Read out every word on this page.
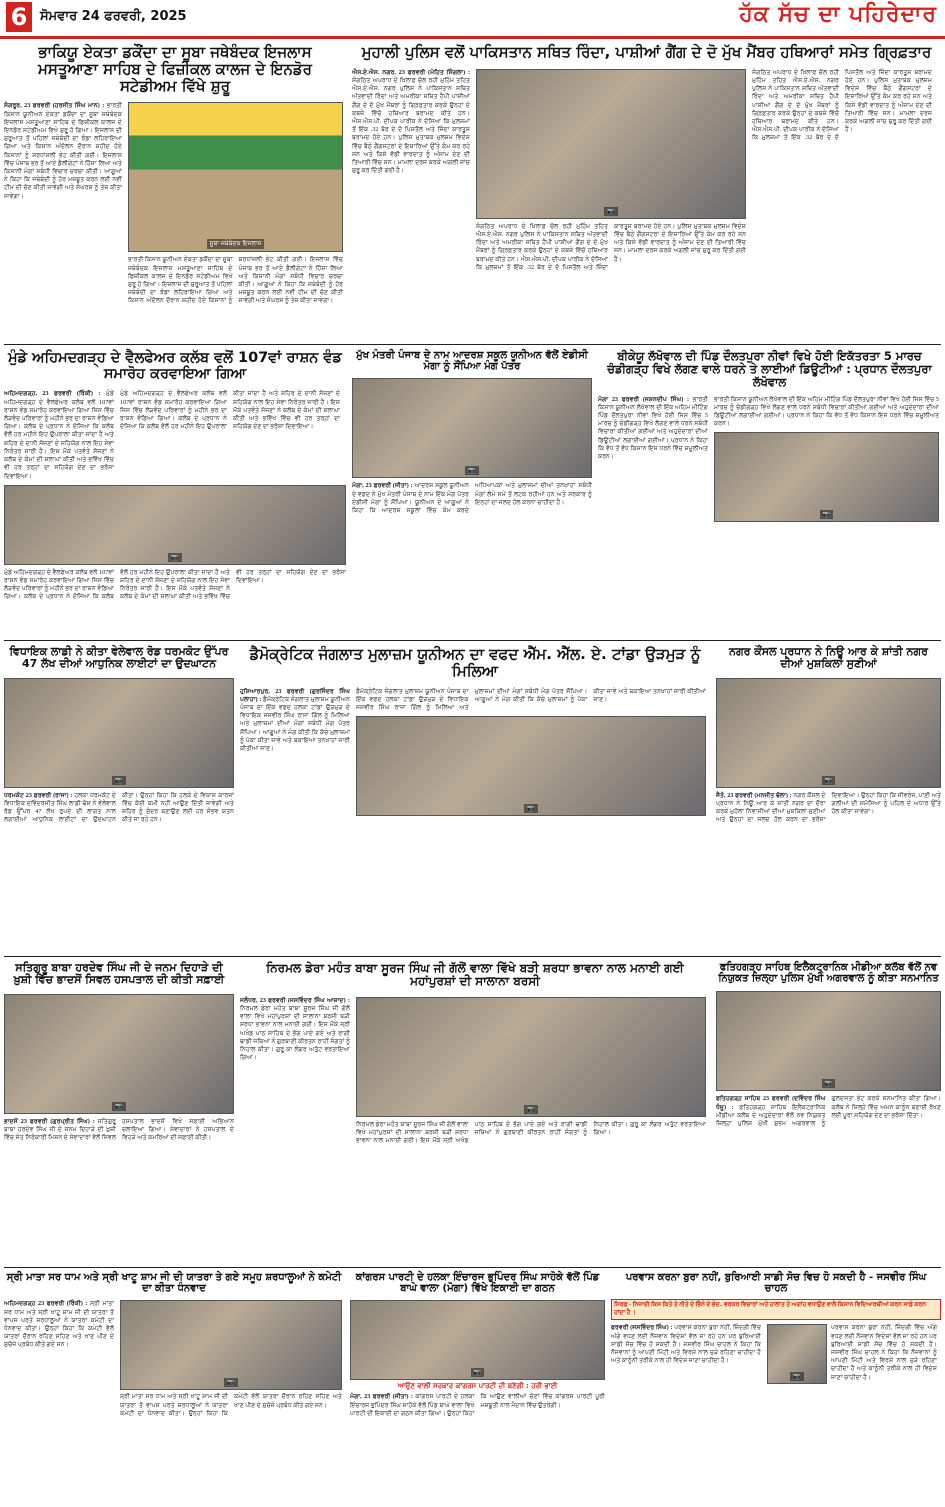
6 ਸੋਮਵਾਰ 24 ਫਰਵਰੀ, 2025	ਹੱਕ ਸੱਚ ਦਾ ਪਹਿਰੇਦਾਰ
ਭਾਕਿਯੂ ਏਕਤਾ ਡਕੌਂਦਾ ਦਾ ਸੂਬਾ ਜਥੇਬੰਦਕ ਇਜਲਾਸ ਮਸਤੂਆਣਾ ਸਾਹਿਬ ਦੇ ਫਿਜ਼ੀਕਲ ਕਾਲਜ ਦੇ ਇਨਡੋਰ ਸਟੇਡੀਅਮ ਵਿੱਖੇ ਸ਼ੁਰੂ
ਸੰਗਰੂਰ, 23 ਫਰਵਰੀ (ਹਰਜੀਤ ਸਿੰਘ ਮਾਨ) : ਭਾਰਤੀ ਕਿਸਾਨ ਯੂਨੀਅਨ ਏਕਤਾ ਡਕੌਂਦਾ ਦਾ ਸੂਬਾ ਜਥੇਬੰਦਕ ਇਜਲਾਸ ਮਸਤੂਆਣਾ ਸਾਹਿਬ ਦੇ ਫਿਜ਼ੀਕਲ ਕਾਲਜ ਦੇ ਇਨਡੋਰ ਸਟੇਡੀਅਮ ਵਿਖੇ ਸ਼ੁਰੂ ਹੋ ਗਿਆ। ਇਜਲਾਸ ਦੀ ਸ਼ੁਰੂਆਤ ਤੋਂ ਪਹਿਲਾਂ ਜਥੇਬੰਦੀ ਦਾ ਝੰਡਾ ਲਹਿਰਾਇਆ ਗਿਆ ਅਤੇ ਕਿਸਾਨ ਅੰਦੋਲਨ ਦੌਰਾਨ ਸ਼ਹੀਦ ਹੋਏ ਕਿਸਾਨਾਂ ਨੂੰ ਸ਼ਰਧਾਂਜਲੀ ਭੇਟ ਕੀਤੀ ਗਈ। ਇਜਲਾਸ ਵਿੱਚ ਪੰਜਾਬ ਭਰ ਤੋਂ ਆਏ ਡੈਲੀਗੇਟਾਂ ਨੇ ਹਿੱਸਾ ਲਿਆ ਅਤੇ ਕਿਸਾਨੀ ਮੰਗਾਂ ਸਬੰਧੀ ਵਿਚਾਰ ਚਰਚਾ ਕੀਤੀ। ਆਗੂਆਂ ਨੇ ਕਿਹਾ ਕਿ ਜਥੇਬੰਦੀ ਨੂੰ ਹੋਰ ਮਜ਼ਬੂਤ ਕਰਨ ਲਈ ਨਵੀਂ ਟੀਮ ਦੀ ਚੋਣ ਕੀਤੀ ਜਾਵੇਗੀ ਅਤੇ ਸੰਘਰਸ਼ ਨੂੰ ਤੇਜ਼ ਕੀਤਾ ਜਾਵੇਗਾ।
ਸੂਬਾ ਜਥੇਬੰਦਕ ਇਜਲਾਸ
ਭਾਰਤੀ ਕਿਸਾਨ ਯੂਨੀਅਨ ਏਕਤਾ ਡਕੌਂਦਾ ਦਾ ਸੂਬਾ ਜਥੇਬੰਦਕ ਇਜਲਾਸ ਮਸਤੂਆਣਾ ਸਾਹਿਬ ਦੇ ਫਿਜ਼ੀਕਲ ਕਾਲਜ ਦੇ ਇਨਡੋਰ ਸਟੇਡੀਅਮ ਵਿਖੇ ਸ਼ੁਰੂ ਹੋ ਗਿਆ। ਇਜਲਾਸ ਦੀ ਸ਼ੁਰੂਆਤ ਤੋਂ ਪਹਿਲਾਂ ਜਥੇਬੰਦੀ ਦਾ ਝੰਡਾ ਲਹਿਰਾਇਆ ਗਿਆ ਅਤੇ ਕਿਸਾਨ ਅੰਦੋਲਨ ਦੌਰਾਨ ਸ਼ਹੀਦ ਹੋਏ ਕਿਸਾਨਾਂ ਨੂੰ ਸ਼ਰਧਾਂਜਲੀ ਭੇਟ ਕੀਤੀ ਗਈ। ਇਜਲਾਸ ਵਿੱਚ ਪੰਜਾਬ ਭਰ ਤੋਂ ਆਏ ਡੈਲੀਗੇਟਾਂ ਨੇ ਹਿੱਸਾ ਲਿਆ ਅਤੇ ਕਿਸਾਨੀ ਮੰਗਾਂ ਸਬੰਧੀ ਵਿਚਾਰ ਚਰਚਾ ਕੀਤੀ। ਆਗੂਆਂ ਨੇ ਕਿਹਾ ਕਿ ਜਥੇਬੰਦੀ ਨੂੰ ਹੋਰ ਮਜ਼ਬੂਤ ਕਰਨ ਲਈ ਨਵੀਂ ਟੀਮ ਦੀ ਚੋਣ ਕੀਤੀ ਜਾਵੇਗੀ ਅਤੇ ਸੰਘਰਸ਼ ਨੂੰ ਤੇਜ਼ ਕੀਤਾ ਜਾਵੇਗਾ।
ਮੁਹਾਲੀ ਪੁਲਿਸ ਵਲੋਂ ਪਾਕਿਸਤਾਨ ਸਥਿਤ ਰਿੰਦਾ, ਪਾਸ਼ੀਆਂ ਗੈਂਗ ਦੇ ਦੋ ਮੁੱਖ ਮੈਂਬਰ ਹਥਿਆਰਾਂ ਸਮੇਤ ਗ੍ਰਿਫ਼ਤਾਰ
ਐਸ.ਏ.ਐਸ. ਨਗਰ, 23 ਫਰਵਰੀ (ਮੋਹਿਤ ਸਿੰਗਲਾ) : ਸੰਗਠਿਤ ਅਪਰਾਧ ਦੇ ਖ਼ਿਲਾਫ਼ ਚੱਲ ਰਹੀ ਮੁਹਿੰਮ ਤਹਿਤ ਐਸ.ਏ.ਐਸ. ਨਗਰ ਪੁਲਿਸ ਨੇ ਪਾਕਿਸਤਾਨ ਸਥਿਤ ਅੱਤਵਾਦੀ ਰਿੰਦਾ ਅਤੇ ਅਮਰੀਕਾ ਸਥਿਤ ਹੈਪੀ ਪਾਸ਼ੀਆਂ ਗੈਂਗ ਦੇ ਦੋ ਮੁੱਖ ਮੈਂਬਰਾਂ ਨੂੰ ਗ੍ਰਿਫ਼ਤਾਰ ਕਰਕੇ ਉਨ੍ਹਾਂ ਦੇ ਕਬਜ਼ੇ ਵਿੱਚੋਂ ਹਥਿਆਰ ਬਰਾਮਦ ਕੀਤੇ ਹਨ। ਐਸ.ਐਸ.ਪੀ. ਦੀਪਕ ਪਾਰੀਕ ਨੇ ਦੱਸਿਆ ਕਿ ਮੁਲਜ਼ਮਾਂ ਤੋਂ ਇੱਕ .32 ਬੋਰ ਦੇ ਦੋ ਪਿਸਤੌਲ ਅਤੇ ਜ਼ਿੰਦਾ ਕਾਰਤੂਸ ਬਰਾਮਦ ਹੋਏ ਹਨ। ਪੁਲਿਸ ਮੁਤਾਬਕ ਮੁਲਜ਼ਮ ਵਿਦੇਸ਼ ਵਿੱਚ ਬੈਠੇ ਗੈਂਗਸਟਰਾਂ ਦੇ ਇਸ਼ਾਰਿਆਂ ਉੱਤੇ ਕੰਮ ਕਰ ਰਹੇ ਸਨ ਅਤੇ ਕਿਸੇ ਵੱਡੀ ਵਾਰਦਾਤ ਨੂੰ ਅੰਜਾਮ ਦੇਣ ਦੀ ਤਿਆਰੀ ਵਿੱਚ ਸਨ। ਮਾਮਲਾ ਦਰਜ ਕਰਕੇ ਅਗਲੀ ਜਾਂਚ ਸ਼ੁਰੂ ਕਰ ਦਿੱਤੀ ਗਈ ਹੈ।
📷
ਸੰਗਠਿਤ ਅਪਰਾਧ ਦੇ ਖ਼ਿਲਾਫ਼ ਚੱਲ ਰਹੀ ਮੁਹਿੰਮ ਤਹਿਤ ਐਸ.ਏ.ਐਸ. ਨਗਰ ਪੁਲਿਸ ਨੇ ਪਾਕਿਸਤਾਨ ਸਥਿਤ ਅੱਤਵਾਦੀ ਰਿੰਦਾ ਅਤੇ ਅਮਰੀਕਾ ਸਥਿਤ ਹੈਪੀ ਪਾਸ਼ੀਆਂ ਗੈਂਗ ਦੇ ਦੋ ਮੁੱਖ ਮੈਂਬਰਾਂ ਨੂੰ ਗ੍ਰਿਫ਼ਤਾਰ ਕਰਕੇ ਉਨ੍ਹਾਂ ਦੇ ਕਬਜ਼ੇ ਵਿੱਚੋਂ ਹਥਿਆਰ ਬਰਾਮਦ ਕੀਤੇ ਹਨ। ਐਸ.ਐਸ.ਪੀ. ਦੀਪਕ ਪਾਰੀਕ ਨੇ ਦੱਸਿਆ ਕਿ ਮੁਲਜ਼ਮਾਂ ਤੋਂ ਇੱਕ .32 ਬੋਰ ਦੇ ਦੋ ਪਿਸਤੌਲ ਅਤੇ ਜ਼ਿੰਦਾ ਕਾਰਤੂਸ ਬਰਾਮਦ ਹੋਏ ਹਨ। ਪੁਲਿਸ ਮੁਤਾਬਕ ਮੁਲਜ਼ਮ ਵਿਦੇਸ਼ ਵਿੱਚ ਬੈਠੇ ਗੈਂਗਸਟਰਾਂ ਦੇ ਇਸ਼ਾਰਿਆਂ ਉੱਤੇ ਕੰਮ ਕਰ ਰਹੇ ਸਨ ਅਤੇ ਕਿਸੇ ਵੱਡੀ ਵਾਰਦਾਤ ਨੂੰ ਅੰਜਾਮ ਦੇਣ ਦੀ ਤਿਆਰੀ ਵਿੱਚ ਸਨ। ਮਾਮਲਾ ਦਰਜ ਕਰਕੇ ਅਗਲੀ ਜਾਂਚ ਸ਼ੁਰੂ ਕਰ ਦਿੱਤੀ ਗਈ ਹੈ।
ਸੰਗਠਿਤ ਅਪਰਾਧ ਦੇ ਖ਼ਿਲਾਫ਼ ਚੱਲ ਰਹੀ ਮੁਹਿੰਮ ਤਹਿਤ ਐਸ.ਏ.ਐਸ. ਨਗਰ ਪੁਲਿਸ ਨੇ ਪਾਕਿਸਤਾਨ ਸਥਿਤ ਅੱਤਵਾਦੀ ਰਿੰਦਾ ਅਤੇ ਅਮਰੀਕਾ ਸਥਿਤ ਹੈਪੀ ਪਾਸ਼ੀਆਂ ਗੈਂਗ ਦੇ ਦੋ ਮੁੱਖ ਮੈਂਬਰਾਂ ਨੂੰ ਗ੍ਰਿਫ਼ਤਾਰ ਕਰਕੇ ਉਨ੍ਹਾਂ ਦੇ ਕਬਜ਼ੇ ਵਿੱਚੋਂ ਹਥਿਆਰ ਬਰਾਮਦ ਕੀਤੇ ਹਨ। ਐਸ.ਐਸ.ਪੀ. ਦੀਪਕ ਪਾਰੀਕ ਨੇ ਦੱਸਿਆ ਕਿ ਮੁਲਜ਼ਮਾਂ ਤੋਂ ਇੱਕ .32 ਬੋਰ ਦੇ ਦੋ ਪਿਸਤੌਲ ਅਤੇ ਜ਼ਿੰਦਾ ਕਾਰਤੂਸ ਬਰਾਮਦ ਹੋਏ ਹਨ। ਪੁਲਿਸ ਮੁਤਾਬਕ ਮੁਲਜ਼ਮ ਵਿਦੇਸ਼ ਵਿੱਚ ਬੈਠੇ ਗੈਂਗਸਟਰਾਂ ਦੇ ਇਸ਼ਾਰਿਆਂ ਉੱਤੇ ਕੰਮ ਕਰ ਰਹੇ ਸਨ ਅਤੇ ਕਿਸੇ ਵੱਡੀ ਵਾਰਦਾਤ ਨੂੰ ਅੰਜਾਮ ਦੇਣ ਦੀ ਤਿਆਰੀ ਵਿੱਚ ਸਨ। ਮਾਮਲਾ ਦਰਜ ਕਰਕੇ ਅਗਲੀ ਜਾਂਚ ਸ਼ੁਰੂ ਕਰ ਦਿੱਤੀ ਗਈ ਹੈ।
ਮੁੰਡੇ ਅਹਿਮਦਗੜ੍ਹ ਦੇ ਵੈਲਫੇਅਰ ਕਲੱਬ ਵਲੋਂ 107ਵਾਂ ਰਾਸ਼ਨ ਵੰਡ ਸਮਾਰੋਹ ਕਰਵਾਇਆ ਗਿਆ
ਅਹਿਮਦਗੜ੍ਹ, 23 ਫਰਵਰੀ (ਰਿੰਕੀ) : ਮੁੰਡੇ ਅਹਿਮਦਗੜ੍ਹ ਦੇ ਵੈਲਫੇਅਰ ਕਲੱਬ ਵਲੋਂ 107ਵਾਂ ਰਾਸ਼ਨ ਵੰਡ ਸਮਾਰੋਹ ਕਰਵਾਇਆ ਗਿਆ ਜਿਸ ਵਿੱਚ ਲੋੜਵੰਦ ਪਰਿਵਾਰਾਂ ਨੂੰ ਮਹੀਨੇ ਭਰ ਦਾ ਰਾਸ਼ਨ ਵੰਡਿਆ ਗਿਆ। ਕਲੱਬ ਦੇ ਪ੍ਰਧਾਨ ਨੇ ਦੱਸਿਆ ਕਿ ਕਲੱਬ ਵੱਲੋਂ ਹਰ ਮਹੀਨੇ ਇਹ ਉਪਰਾਲਾ ਕੀਤਾ ਜਾਂਦਾ ਹੈ ਅਤੇ ਸ਼ਹਿਰ ਦੇ ਦਾਨੀ ਸੱਜਣਾਂ ਦੇ ਸਹਿਯੋਗ ਨਾਲ ਇਹ ਸੇਵਾ ਨਿਰੰਤਰ ਜਾਰੀ ਹੈ। ਇਸ ਮੌਕੇ ਪਤਵੰਤੇ ਸੱਜਣਾਂ ਨੇ ਕਲੱਬ ਦੇ ਕੰਮਾਂ ਦੀ ਸ਼ਲਾਘਾ ਕੀਤੀ ਅਤੇ ਭਵਿੱਖ ਵਿੱਚ ਵੀ ਹਰ ਤਰ੍ਹਾਂ ਦਾ ਸਹਿਯੋਗ ਦੇਣ ਦਾ ਭਰੋਸਾ ਦਿਵਾਇਆ।
ਮੁੰਡੇ ਅਹਿਮਦਗੜ੍ਹ ਦੇ ਵੈਲਫੇਅਰ ਕਲੱਬ ਵਲੋਂ 107ਵਾਂ ਰਾਸ਼ਨ ਵੰਡ ਸਮਾਰੋਹ ਕਰਵਾਇਆ ਗਿਆ ਜਿਸ ਵਿੱਚ ਲੋੜਵੰਦ ਪਰਿਵਾਰਾਂ ਨੂੰ ਮਹੀਨੇ ਭਰ ਦਾ ਰਾਸ਼ਨ ਵੰਡਿਆ ਗਿਆ। ਕਲੱਬ ਦੇ ਪ੍ਰਧਾਨ ਨੇ ਦੱਸਿਆ ਕਿ ਕਲੱਬ ਵੱਲੋਂ ਹਰ ਮਹੀਨੇ ਇਹ ਉਪਰਾਲਾ ਕੀਤਾ ਜਾਂਦਾ ਹੈ ਅਤੇ ਸ਼ਹਿਰ ਦੇ ਦਾਨੀ ਸੱਜਣਾਂ ਦੇ ਸਹਿਯੋਗ ਨਾਲ ਇਹ ਸੇਵਾ ਨਿਰੰਤਰ ਜਾਰੀ ਹੈ। ਇਸ ਮੌਕੇ ਪਤਵੰਤੇ ਸੱਜਣਾਂ ਨੇ ਕਲੱਬ ਦੇ ਕੰਮਾਂ ਦੀ ਸ਼ਲਾਘਾ ਕੀਤੀ ਅਤੇ ਭਵਿੱਖ ਵਿੱਚ ਵੀ ਹਰ ਤਰ੍ਹਾਂ ਦਾ ਸਹਿਯੋਗ ਦੇਣ ਦਾ ਭਰੋਸਾ ਦਿਵਾਇਆ।
📷
ਮੁੰਡੇ ਅਹਿਮਦਗੜ੍ਹ ਦੇ ਵੈਲਫੇਅਰ ਕਲੱਬ ਵਲੋਂ 107ਵਾਂ ਰਾਸ਼ਨ ਵੰਡ ਸਮਾਰੋਹ ਕਰਵਾਇਆ ਗਿਆ ਜਿਸ ਵਿੱਚ ਲੋੜਵੰਦ ਪਰਿਵਾਰਾਂ ਨੂੰ ਮਹੀਨੇ ਭਰ ਦਾ ਰਾਸ਼ਨ ਵੰਡਿਆ ਗਿਆ। ਕਲੱਬ ਦੇ ਪ੍ਰਧਾਨ ਨੇ ਦੱਸਿਆ ਕਿ ਕਲੱਬ ਵੱਲੋਂ ਹਰ ਮਹੀਨੇ ਇਹ ਉਪਰਾਲਾ ਕੀਤਾ ਜਾਂਦਾ ਹੈ ਅਤੇ ਸ਼ਹਿਰ ਦੇ ਦਾਨੀ ਸੱਜਣਾਂ ਦੇ ਸਹਿਯੋਗ ਨਾਲ ਇਹ ਸੇਵਾ ਨਿਰੰਤਰ ਜਾਰੀ ਹੈ। ਇਸ ਮੌਕੇ ਪਤਵੰਤੇ ਸੱਜਣਾਂ ਨੇ ਕਲੱਬ ਦੇ ਕੰਮਾਂ ਦੀ ਸ਼ਲਾਘਾ ਕੀਤੀ ਅਤੇ ਭਵਿੱਖ ਵਿੱਚ ਵੀ ਹਰ ਤਰ੍ਹਾਂ ਦਾ ਸਹਿਯੋਗ ਦੇਣ ਦਾ ਭਰੋਸਾ ਦਿਵਾਇਆ।
ਮੁੱਖ ਮੰਤਰੀ ਪੰਜਾਬ ਦੇ ਨਾਮ ਆਦਰਸ਼ ਸਕੂਲ ਯੂਨੀਅਨ ਵੱਲੋਂ ਏਡੀਸੀ ਮੋਗਾ ਨੂੰ ਸੌਂਪਿਆ ਮੰਗ ਪੱਤਰ
📷
ਮੋਗਾ, 23 ਫਰਵਰੀ (ਜੀਤਾ) : ਆਦਰਸ਼ ਸਕੂਲ ਯੂਨੀਅਨ ਦੇ ਵਫ਼ਦ ਨੇ ਮੁੱਖ ਮੰਤਰੀ ਪੰਜਾਬ ਦੇ ਨਾਮ ਇੱਕ ਮੰਗ ਪੱਤਰ ਏਡੀਸੀ ਮੋਗਾ ਨੂੰ ਸੌਂਪਿਆ। ਯੂਨੀਅਨ ਦੇ ਆਗੂਆਂ ਨੇ ਕਿਹਾ ਕਿ ਆਦਰਸ਼ ਸਕੂਲਾਂ ਵਿੱਚ ਕੰਮ ਕਰਦੇ ਅਧਿਆਪਕਾਂ ਅਤੇ ਮੁਲਾਜ਼ਮਾਂ ਦੀਆਂ ਤਨਖ਼ਾਹਾਂ ਸਬੰਧੀ ਮੰਗਾਂ ਲੰਮੇ ਸਮੇਂ ਤੋਂ ਲਟਕ ਰਹੀਆਂ ਹਨ ਅਤੇ ਸਰਕਾਰ ਨੂੰ ਇਨ੍ਹਾਂ ਦਾ ਜਲਦ ਹੱਲ ਕਰਨਾ ਚਾਹੀਦਾ ਹੈ।
ਬੀਕੇਯੂ ਲੱਖੋਵਾਲ ਦੀ ਪਿੰਡ ਦੌਲਤਪੁਰਾ ਨੀਵਾਂ ਵਿਖੇ ਹੋਈ ਇਕੱਤਰਤਾ 5 ਮਾਰਚ ਚੰਡੀਗੜ੍ਹ ਵਿਖੇ ਲੱਗਣ ਵਾਲੇ ਧਰਨੇ ਤੇ ਲਾਈਆਂ ਡਿਊਟੀਆਂ : ਪ੍ਰਧਾਨ ਦੌਲਤਪੁਰਾ ਲੱਖੋਵਾਲ
ਮੋਗਾ 23 ਫਰਵਰੀ (ਜਸ਼ਨਦੀਪ ਸਿੰਘ) : ਭਾਰਤੀ ਕਿਸਾਨ ਯੂਨੀਅਨ ਲੱਖੋਵਾਲ ਦੀ ਇੱਕ ਅਹਿਮ ਮੀਟਿੰਗ ਪਿੰਡ ਦੌਲਤਪੁਰਾ ਨੀਵਾਂ ਵਿਖੇ ਹੋਈ ਜਿਸ ਵਿੱਚ 5 ਮਾਰਚ ਨੂੰ ਚੰਡੀਗੜ੍ਹ ਵਿਖੇ ਲੱਗਣ ਵਾਲੇ ਧਰਨੇ ਸਬੰਧੀ ਵਿਚਾਰਾਂ ਕੀਤੀਆਂ ਗਈਆਂ ਅਤੇ ਅਹੁਦੇਦਾਰਾਂ ਦੀਆਂ ਡਿਊਟੀਆਂ ਲਗਾਈਆਂ ਗਈਆਂ। ਪ੍ਰਧਾਨ ਨੇ ਕਿਹਾ ਕਿ ਵੱਧ ਤੋਂ ਵੱਧ ਕਿਸਾਨ ਇਸ ਧਰਨੇ ਵਿੱਚ ਸ਼ਮੂਲੀਅਤ ਕਰਨ।
ਭਾਰਤੀ ਕਿਸਾਨ ਯੂਨੀਅਨ ਲੱਖੋਵਾਲ ਦੀ ਇੱਕ ਅਹਿਮ ਮੀਟਿੰਗ ਪਿੰਡ ਦੌਲਤਪੁਰਾ ਨੀਵਾਂ ਵਿਖੇ ਹੋਈ ਜਿਸ ਵਿੱਚ 5 ਮਾਰਚ ਨੂੰ ਚੰਡੀਗੜ੍ਹ ਵਿਖੇ ਲੱਗਣ ਵਾਲੇ ਧਰਨੇ ਸਬੰਧੀ ਵਿਚਾਰਾਂ ਕੀਤੀਆਂ ਗਈਆਂ ਅਤੇ ਅਹੁਦੇਦਾਰਾਂ ਦੀਆਂ ਡਿਊਟੀਆਂ ਲਗਾਈਆਂ ਗਈਆਂ। ਪ੍ਰਧਾਨ ਨੇ ਕਿਹਾ ਕਿ ਵੱਧ ਤੋਂ ਵੱਧ ਕਿਸਾਨ ਇਸ ਧਰਨੇ ਵਿੱਚ ਸ਼ਮੂਲੀਅਤ ਕਰਨ।
📷
ਵਿਧਾਇਕ ਲਾਡੀ ਨੇ ਕੀਤਾ ਵੇਲੇਵਾਲ ਰੋਡ ਧਰਮਕੋਟ ਉੱਪਰ 47 ਲੱਖ ਦੀਆਂ ਆਧੁਨਿਕ ਲਾਈਟਾਂ ਦਾ ਉਦਘਾਟਨ
📷
ਧਰਮਕੋਟ 23 ਫਰਵਰੀ (ਰਾਜਾ) : ਹਲਕਾ ਧਰਮਕੋਟ ਦੇ ਵਿਧਾਇਕ ਦਵਿੰਦਰਜੀਤ ਸਿੰਘ ਲਾਡੀ ਢੋਸ ਨੇ ਵੇਲੇਵਾਲ ਰੋਡ ਉੱਪਰ 47 ਲੱਖ ਰੁਪਏ ਦੀ ਲਾਗਤ ਨਾਲ ਲਗਾਈਆਂ ਆਧੁਨਿਕ ਲਾਈਟਾਂ ਦਾ ਉਦਘਾਟਨ ਕੀਤਾ। ਉਨ੍ਹਾਂ ਕਿਹਾ ਕਿ ਹਲਕੇ ਦੇ ਵਿਕਾਸ ਕਾਰਜਾਂ ਵਿੱਚ ਕੋਈ ਕਮੀ ਨਹੀਂ ਆਉਣ ਦਿੱਤੀ ਜਾਵੇਗੀ ਅਤੇ ਸ਼ਹਿਰ ਨੂੰ ਸੁੰਦਰ ਬਣਾਉਣ ਲਈ ਹਰ ਸੰਭਵ ਯਤਨ ਕੀਤੇ ਜਾ ਰਹੇ ਹਨ।
ਡੈਮੋਕ੍ਰੇਟਿਕ ਜੰਗਲਾਤ ਮੁਲਾਜ਼ਮ ਯੂਨੀਅਨ ਦਾ ਵਫਦ ਐੱਮ. ਐੱਲ. ਏ. ਟਾਂਡਾ ਉੜਮੁੜ ਨੂੰ ਮਿਲਿਆ
ਹੁਸ਼ਿਆਰਪੁਰ, 23 ਫਰਵਰੀ (ਗੁਰਜਿੰਦਰ ਸਿੰਘ ਪਲਾਹਾ) : ਡੈਮੋਕ੍ਰੇਟਿਕ ਜੰਗਲਾਤ ਮੁਲਾਜ਼ਮ ਯੂਨੀਅਨ ਪੰਜਾਬ ਦਾ ਇੱਕ ਵਫਦ ਹਲਕਾ ਟਾਂਡਾ ਉੜਮੁੜ ਦੇ ਵਿਧਾਇਕ ਜਸਵੀਰ ਸਿੰਘ ਰਾਜਾ ਗਿੱਲ ਨੂੰ ਮਿਲਿਆ ਅਤੇ ਮੁਲਾਜ਼ਮਾਂ ਦੀਆਂ ਮੰਗਾਂ ਸਬੰਧੀ ਮੰਗ ਪੱਤਰ ਸੌਂਪਿਆ। ਆਗੂਆਂ ਨੇ ਮੰਗ ਕੀਤੀ ਕਿ ਕੱਚੇ ਮੁਲਾਜ਼ਮਾਂ ਨੂੰ ਪੱਕਾ ਕੀਤਾ ਜਾਵੇ ਅਤੇ ਬਕਾਇਆ ਤਨਖ਼ਾਹਾਂ ਜਾਰੀ ਕੀਤੀਆਂ ਜਾਣ।
ਡੈਮੋਕ੍ਰੇਟਿਕ ਜੰਗਲਾਤ ਮੁਲਾਜ਼ਮ ਯੂਨੀਅਨ ਪੰਜਾਬ ਦਾ ਇੱਕ ਵਫਦ ਹਲਕਾ ਟਾਂਡਾ ਉੜਮੁੜ ਦੇ ਵਿਧਾਇਕ ਜਸਵੀਰ ਸਿੰਘ ਰਾਜਾ ਗਿੱਲ ਨੂੰ ਮਿਲਿਆ ਅਤੇ ਮੁਲਾਜ਼ਮਾਂ ਦੀਆਂ ਮੰਗਾਂ ਸਬੰਧੀ ਮੰਗ ਪੱਤਰ ਸੌਂਪਿਆ। ਆਗੂਆਂ ਨੇ ਮੰਗ ਕੀਤੀ ਕਿ ਕੱਚੇ ਮੁਲਾਜ਼ਮਾਂ ਨੂੰ ਪੱਕਾ ਕੀਤਾ ਜਾਵੇ ਅਤੇ ਬਕਾਇਆ ਤਨਖ਼ਾਹਾਂ ਜਾਰੀ ਕੀਤੀਆਂ ਜਾਣ।
📷
ਨਗਰ ਕੌਂਸਲ ਪ੍ਰਧਾਨ ਨੇ ਨਿਊ ਆਰ ਕੇ ਸ਼ਾਂਤੀ ਨਗਰ ਦੀਆਂ ਮੁਸ਼ਕਿਲਾਂ ਸੁਣੀਆਂ
📷
ਜੈਤੋ, 23 ਫਰਵਰੀ (ਮਨਜੀਤ ਢੱਲਾ) : ਨਗਰ ਕੌਂਸਲ ਦੇ ਪ੍ਰਧਾਨ ਨੇ ਨਿਊ ਆਰ ਕੇ ਸ਼ਾਂਤੀ ਨਗਰ ਦਾ ਦੌਰਾ ਕਰਕੇ ਮੁਹੱਲਾ ਨਿਵਾਸੀਆਂ ਦੀਆਂ ਮੁਸ਼ਕਿਲਾਂ ਸੁਣੀਆਂ ਅਤੇ ਉਨ੍ਹਾਂ ਦਾ ਜਲਦ ਹੱਲ ਕਰਨ ਦਾ ਭਰੋਸਾ ਦਿਵਾਇਆ। ਉਨ੍ਹਾਂ ਕਿਹਾ ਕਿ ਸੀਵਰੇਜ, ਪਾਣੀ ਅਤੇ ਗਲੀਆਂ ਦੀ ਸਮੱਸਿਆ ਨੂੰ ਪਹਿਲ ਦੇ ਅਧਾਰ ਉੱਤੇ ਹੱਲ ਕੀਤਾ ਜਾਵੇਗਾ।
ਸਤਿਗੁਰੂ ਬਾਬਾ ਹਰਦੇਵ ਸਿੰਘ ਜੀ ਦੇ ਜਨਮ ਦਿਹਾੜੇ ਦੀ ਖ਼ੁਸ਼ੀ ਵਿੱਚ ਭਾਦਸੋਂ ਸਿਵਲ ਹਸਪਤਾਲ ਦੀ ਕੀਤੀ ਸਫ਼ਾਈ
📷
ਭਾਦਸੋਂ 23 ਫਰਵਰੀ (ਗੁਰਪ੍ਰੀਤ ਸਿੰਘ) : ਸਤਿਗੁਰੂ ਬਾਬਾ ਹਰਦੇਵ ਸਿੰਘ ਜੀ ਦੇ ਜਨਮ ਦਿਹਾੜੇ ਦੀ ਖ਼ੁਸ਼ੀ ਵਿੱਚ ਸੰਤ ਨਿਰੰਕਾਰੀ ਮਿਸ਼ਨ ਦੇ ਸੇਵਾਦਾਰਾਂ ਵੱਲੋਂ ਸਿਵਲ ਹਸਪਤਾਲ ਭਾਦਸੋਂ ਵਿਖੇ ਸਫ਼ਾਈ ਅਭਿਆਨ ਚਲਾਇਆ ਗਿਆ। ਸੇਵਾਦਾਰਾਂ ਨੇ ਹਸਪਤਾਲ ਦੇ ਵਿਹੜੇ ਅਤੇ ਕਮਰਿਆਂ ਦੀ ਸਫ਼ਾਈ ਕੀਤੀ।
ਨਿਰਮਲ ਡੇਰਾ ਮਹੰਤ ਬਾਬਾ ਸੂਰਜ ਸਿੰਘ ਜੀ ਗੱਲੋਂ ਵਾਲਾ ਵਿੱਖੇ ਬੜੀ ਸ਼ਰਧਾ ਭਾਵਨਾ ਨਾਲ ਮਨਾਈ ਗਈ ਮਹਾਂਪੁਰਸ਼ਾਂ ਦੀ ਸਾਲਾਨਾ ਬਰਸੀ
ਜਲੰਧਰ, 23 ਫਰਵਰੀ (ਜਸਵਿੰਦਰ ਸਿੰਘ ਆਜ਼ਾਦ) : ਨਿਰਮਲ ਡੇਰਾ ਮਹੰਤ ਬਾਬਾ ਸੂਰਜ ਸਿੰਘ ਜੀ ਗੱਲੋਂ ਵਾਲਾ ਵਿਖੇ ਮਹਾਂਪੁਰਸ਼ਾਂ ਦੀ ਸਾਲਾਨਾ ਬਰਸੀ ਬੜੀ ਸ਼ਰਧਾ ਭਾਵਨਾ ਨਾਲ ਮਨਾਈ ਗਈ। ਇਸ ਮੌਕੇ ਸ੍ਰੀ ਅਖੰਡ ਪਾਠ ਸਾਹਿਬ ਦੇ ਭੋਗ ਪਾਏ ਗਏ ਅਤੇ ਰਾਗੀ ਢਾਡੀ ਜਥਿਆਂ ਨੇ ਗੁਰਬਾਣੀ ਕੀਰਤਨ ਰਾਹੀਂ ਸੰਗਤਾਂ ਨੂੰ ਨਿਹਾਲ ਕੀਤਾ। ਗੁਰੂ ਕਾ ਲੰਗਰ ਅਤੁੱਟ ਵਰਤਾਇਆ ਗਿਆ।
📷
ਨਿਰਮਲ ਡੇਰਾ ਮਹੰਤ ਬਾਬਾ ਸੂਰਜ ਸਿੰਘ ਜੀ ਗੱਲੋਂ ਵਾਲਾ ਵਿਖੇ ਮਹਾਂਪੁਰਸ਼ਾਂ ਦੀ ਸਾਲਾਨਾ ਬਰਸੀ ਬੜੀ ਸ਼ਰਧਾ ਭਾਵਨਾ ਨਾਲ ਮਨਾਈ ਗਈ। ਇਸ ਮੌਕੇ ਸ੍ਰੀ ਅਖੰਡ ਪਾਠ ਸਾਹਿਬ ਦੇ ਭੋਗ ਪਾਏ ਗਏ ਅਤੇ ਰਾਗੀ ਢਾਡੀ ਜਥਿਆਂ ਨੇ ਗੁਰਬਾਣੀ ਕੀਰਤਨ ਰਾਹੀਂ ਸੰਗਤਾਂ ਨੂੰ ਨਿਹਾਲ ਕੀਤਾ। ਗੁਰੂ ਕਾ ਲੰਗਰ ਅਤੁੱਟ ਵਰਤਾਇਆ ਗਿਆ।
ਫਤਿਹਗੜ੍ਹ ਸਾਹਿਬ ਇਲੈਕਟ੍ਰਾਨਿਕ ਮੀਡੀਆ ਕਲੱਬ ਵੱਲੋਂ ਨਵ ਨਿਯੁਕਤ ਜ਼ਿਲ੍ਹਾ ਪੁਲਿਸ ਮੁੱਖੀ ਅਗਰਵਾਲ ਨੂੰ ਕੀਤਾ ਸਨਮਾਨਿਤ
📷
ਫਤਿਹਗੜ੍ਹ ਸਾਹਿਬ 23 ਫਰਵਰੀ (ਦਵਿੰਦਰ ਸਿੰਘ ਧੰਜੂ) : ਫਤਿਹਗੜ੍ਹ ਸਾਹਿਬ ਇਲੈਕਟ੍ਰਾਨਿਕ ਮੀਡੀਆ ਕਲੱਬ ਦੇ ਅਹੁਦੇਦਾਰਾਂ ਵੱਲੋਂ ਨਵ ਨਿਯੁਕਤ ਜ਼ਿਲ੍ਹਾ ਪੁਲਿਸ ਮੁੱਖੀ ਸ਼ੁਭਮ ਅਗਰਵਾਲ ਨੂੰ ਗੁਲਦਸਤਾ ਭੇਟ ਕਰਕੇ ਸਨਮਾਨਿਤ ਕੀਤਾ ਗਿਆ। ਕਲੱਬ ਨੇ ਜ਼ਿਲ੍ਹੇ ਵਿੱਚ ਅਮਨ ਕਾਨੂੰਨ ਬਣਾਈ ਰੱਖਣ ਲਈ ਪੂਰਾ ਸਹਿਯੋਗ ਦੇਣ ਦਾ ਭਰੋਸਾ ਦਿੱਤਾ।
ਸ੍ਰੀ ਮਾਤਾ ਸਰ ਧਾਮ ਅਤੇ ਸ੍ਰੀ ਖਾਟੂ ਸ਼ਾਮ ਜੀ ਦੀ ਯਾਤਰਾ ਤੇ ਗਏ ਸਮੂਹ ਸ਼ਰਧਾਲੂਆਂ ਨੇ ਕਮੇਟੀ ਦਾ ਕੀਤਾ ਧੰਨਵਾਦ
ਅਹਿਮਦਗੜ੍ਹ 23 ਫਰਵਰੀ (ਰਿੰਕੀ) : ਸ੍ਰੀ ਮਾਤਾ ਸਰ ਧਾਮ ਅਤੇ ਸ੍ਰੀ ਖਾਟੂ ਸ਼ਾਮ ਜੀ ਦੀ ਯਾਤਰਾ ਤੋਂ ਵਾਪਸ ਪਰਤੇ ਸ਼ਰਧਾਲੂਆਂ ਨੇ ਯਾਤਰਾ ਕਮੇਟੀ ਦਾ ਧੰਨਵਾਦ ਕੀਤਾ। ਉਨ੍ਹਾਂ ਕਿਹਾ ਕਿ ਕਮੇਟੀ ਵੱਲੋਂ ਯਾਤਰਾ ਦੌਰਾਨ ਰਹਿਣ ਸਹਿਣ ਅਤੇ ਖਾਣ ਪੀਣ ਦੇ ਸੁਚੱਜੇ ਪ੍ਰਬੰਧ ਕੀਤੇ ਗਏ ਸਨ।
📷
ਸ੍ਰੀ ਮਾਤਾ ਸਰ ਧਾਮ ਅਤੇ ਸ੍ਰੀ ਖਾਟੂ ਸ਼ਾਮ ਜੀ ਦੀ ਯਾਤਰਾ ਤੋਂ ਵਾਪਸ ਪਰਤੇ ਸ਼ਰਧਾਲੂਆਂ ਨੇ ਯਾਤਰਾ ਕਮੇਟੀ ਦਾ ਧੰਨਵਾਦ ਕੀਤਾ। ਉਨ੍ਹਾਂ ਕਿਹਾ ਕਿ ਕਮੇਟੀ ਵੱਲੋਂ ਯਾਤਰਾ ਦੌਰਾਨ ਰਹਿਣ ਸਹਿਣ ਅਤੇ ਖਾਣ ਪੀਣ ਦੇ ਸੁਚੱਜੇ ਪ੍ਰਬੰਧ ਕੀਤੇ ਗਏ ਸਨ।
ਕਾਂਗਰਸ ਪਾਰਟੀ ਦੇ ਹਲਕਾ ਇੰਚਾਰਜ ਭੁਪਿੰਦਰ ਸਿੰਘ ਸਾਹੋਕੇ ਵੱਲੋਂ ਪਿੰਡ ਬਾਘੇ ਵਾਲਾ (ਮੋਗਾ) ਵਿੱਖੇ ਇਕਾਈ ਦਾ ਗਠਨ
📷
ਆਉਣ ਵਾਲੀ ਸਰਕਾਰ ਕਾਂਗਰਸ ਪਾਰਟੀ ਦੀ ਬਣੇਗੀ : ਹਰੀ ਭਾਈ
ਮੋਗਾ, 23 ਫਰਵਰੀ (ਜੀਤਾ) : ਕਾਂਗਰਸ ਪਾਰਟੀ ਦੇ ਹਲਕਾ ਇੰਚਾਰਜ ਭੁਪਿੰਦਰ ਸਿੰਘ ਸਾਹੋਕੇ ਵੱਲੋਂ ਪਿੰਡ ਬਾਘੇ ਵਾਲਾ ਵਿਖੇ ਪਾਰਟੀ ਦੀ ਇਕਾਈ ਦਾ ਗਠਨ ਕੀਤਾ ਗਿਆ। ਉਨ੍ਹਾਂ ਕਿਹਾ ਕਿ ਆਉਣ ਵਾਲੀਆਂ ਚੋਣਾਂ ਵਿੱਚ ਕਾਂਗਰਸ ਪਾਰਟੀ ਪੂਰੀ ਮਜ਼ਬੂਤੀ ਨਾਲ ਮੈਦਾਨ ਵਿੱਚ ਉਤਰੇਗੀ।
ਪਰਵਾਸ ਕਰਨਾ ਬੁਰਾ ਨਹੀਂ, ਬੁਰਿਆਈ ਸਾਡੀ ਸੋਚ ਵਿਚ ਹੋ ਸਕਦੀ ਹੈ - ਜਸਵੀਰ ਸਿੰਘ ਚਾਹਲ
ਸਿਰਫ਼ - ਨਿਜਾਈ ਕਿਸ ਕਿਤੇ ਤੇ ਨੀਤੇ ਦੇ ਭਿੰਨੇ ਦੇ ਭੇਦ.. ਵਰਕਰ ਵਿਚਾਰਾਂ ਅਤੇ ਹਾਲਾਤ ਤੇ ਅਗਾਂਹ ਵਧਾਉਣ ਵਾਲੇ ਕਿਸਾਨ ਵਿਦਿਆਰਥੀਆਂ ਕਰਨ ਸਾਡੇ ਕਰਨ ਹਾਂਦਾ ਹੈ ।
ਫਰਵਰੀ (ਜਸਵਿੰਦਰ ਸਿੰਘ) : ਪਰਵਾਸ ਕਰਨਾ ਬੁਰਾ ਨਹੀਂ, ਜ਼ਿੰਦਗੀ ਵਿੱਚ ਅੱਗੇ ਵਧਣ ਲਈ ਨੌਜਵਾਨ ਵਿਦੇਸ਼ਾਂ ਵੱਲ ਜਾ ਰਹੇ ਹਨ ਪਰ ਬੁਰਿਆਈ ਸਾਡੀ ਸੋਚ ਵਿੱਚ ਹੋ ਸਕਦੀ ਹੈ। ਜਸਵੀਰ ਸਿੰਘ ਚਾਹਲ ਨੇ ਕਿਹਾ ਕਿ ਨੌਜਵਾਨਾਂ ਨੂੰ ਆਪਣੀ ਮਿੱਟੀ ਅਤੇ ਵਿਰਸੇ ਨਾਲ ਜੁੜੇ ਰਹਿਣਾ ਚਾਹੀਦਾ ਹੈ ਅਤੇ ਕਾਨੂੰਨੀ ਤਰੀਕੇ ਨਾਲ ਹੀ ਵਿਦੇਸ਼ ਜਾਣਾ ਚਾਹੀਦਾ ਹੈ।
📷
ਪਰਵਾਸ ਕਰਨਾ ਬੁਰਾ ਨਹੀਂ, ਜ਼ਿੰਦਗੀ ਵਿੱਚ ਅੱਗੇ ਵਧਣ ਲਈ ਨੌਜਵਾਨ ਵਿਦੇਸ਼ਾਂ ਵੱਲ ਜਾ ਰਹੇ ਹਨ ਪਰ ਬੁਰਿਆਈ ਸਾਡੀ ਸੋਚ ਵਿੱਚ ਹੋ ਸਕਦੀ ਹੈ। ਜਸਵੀਰ ਸਿੰਘ ਚਾਹਲ ਨੇ ਕਿਹਾ ਕਿ ਨੌਜਵਾਨਾਂ ਨੂੰ ਆਪਣੀ ਮਿੱਟੀ ਅਤੇ ਵਿਰਸੇ ਨਾਲ ਜੁੜੇ ਰਹਿਣਾ ਚਾਹੀਦਾ ਹੈ ਅਤੇ ਕਾਨੂੰਨੀ ਤਰੀਕੇ ਨਾਲ ਹੀ ਵਿਦੇਸ਼ ਜਾਣਾ ਚਾਹੀਦਾ ਹੈ।
